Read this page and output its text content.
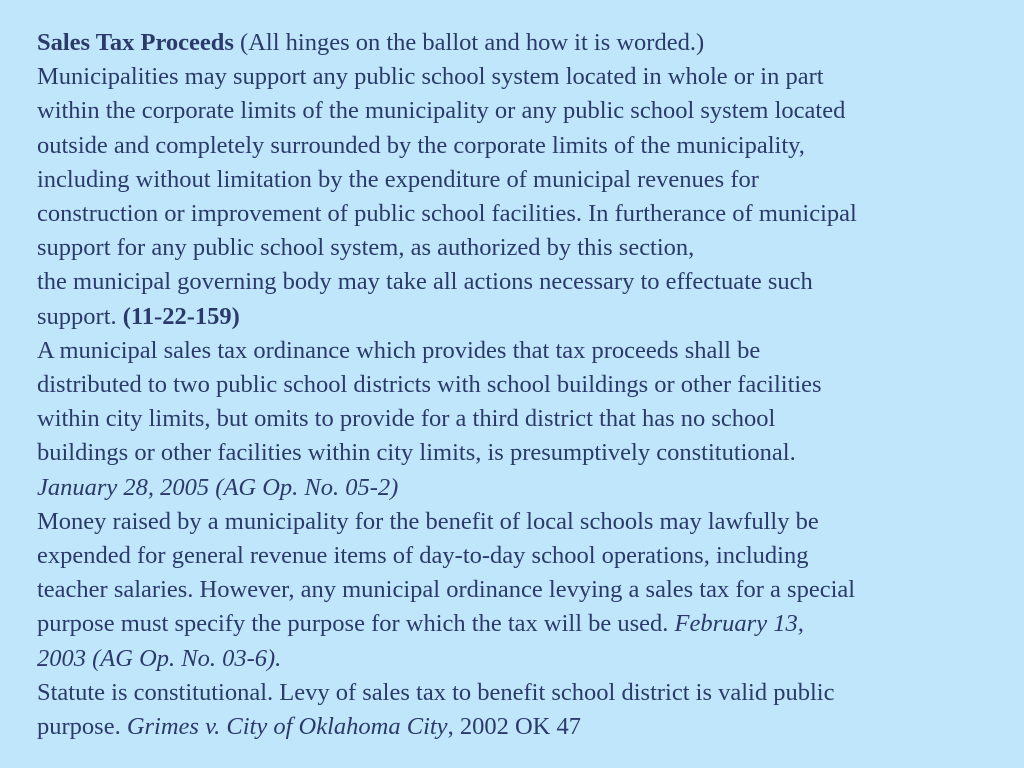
Sales Tax Proceeds (All hinges on the ballot and how it is worded.)

Municipalities may support any public school system located in whole or in part
within the corporate limits of the municipality or any public school system located
outside and completely surrounded by the corporate limits of the municipality,
including without limitation by the expenditure of municipal revenues for
construction or improvement of public school facilities. In furtherance of municipal
support for any public school system, as authorized by this section,
the municipal governing body may take all actions necessary to effectuate such
support. (11-22-159)

A municipal sales tax ordinance which provides that tax proceeds shall be
distributed to two public school districts with school buildings or other facilities
within city limits, but omits to provide for a third district that has no school
buildings or other facilities within city limits, is presumptively constitutional.
January 28, 2005 (AG Op. No. 05-2)

Money raised by a municipality for the benefit of local schools may lawfully be
expended for general revenue items of day-to-day school operations, including
teacher salaries. However, any municipal ordinance levying a sales tax for a special
purpose must specify the purpose for which the tax will be used. February 13,
2003 (AG Op. No. 03-6).

Statute is constitutional. Levy of sales tax to benefit school district is valid public
purpose. Grimes v. City of Oklahoma City, 2002 OK 47
